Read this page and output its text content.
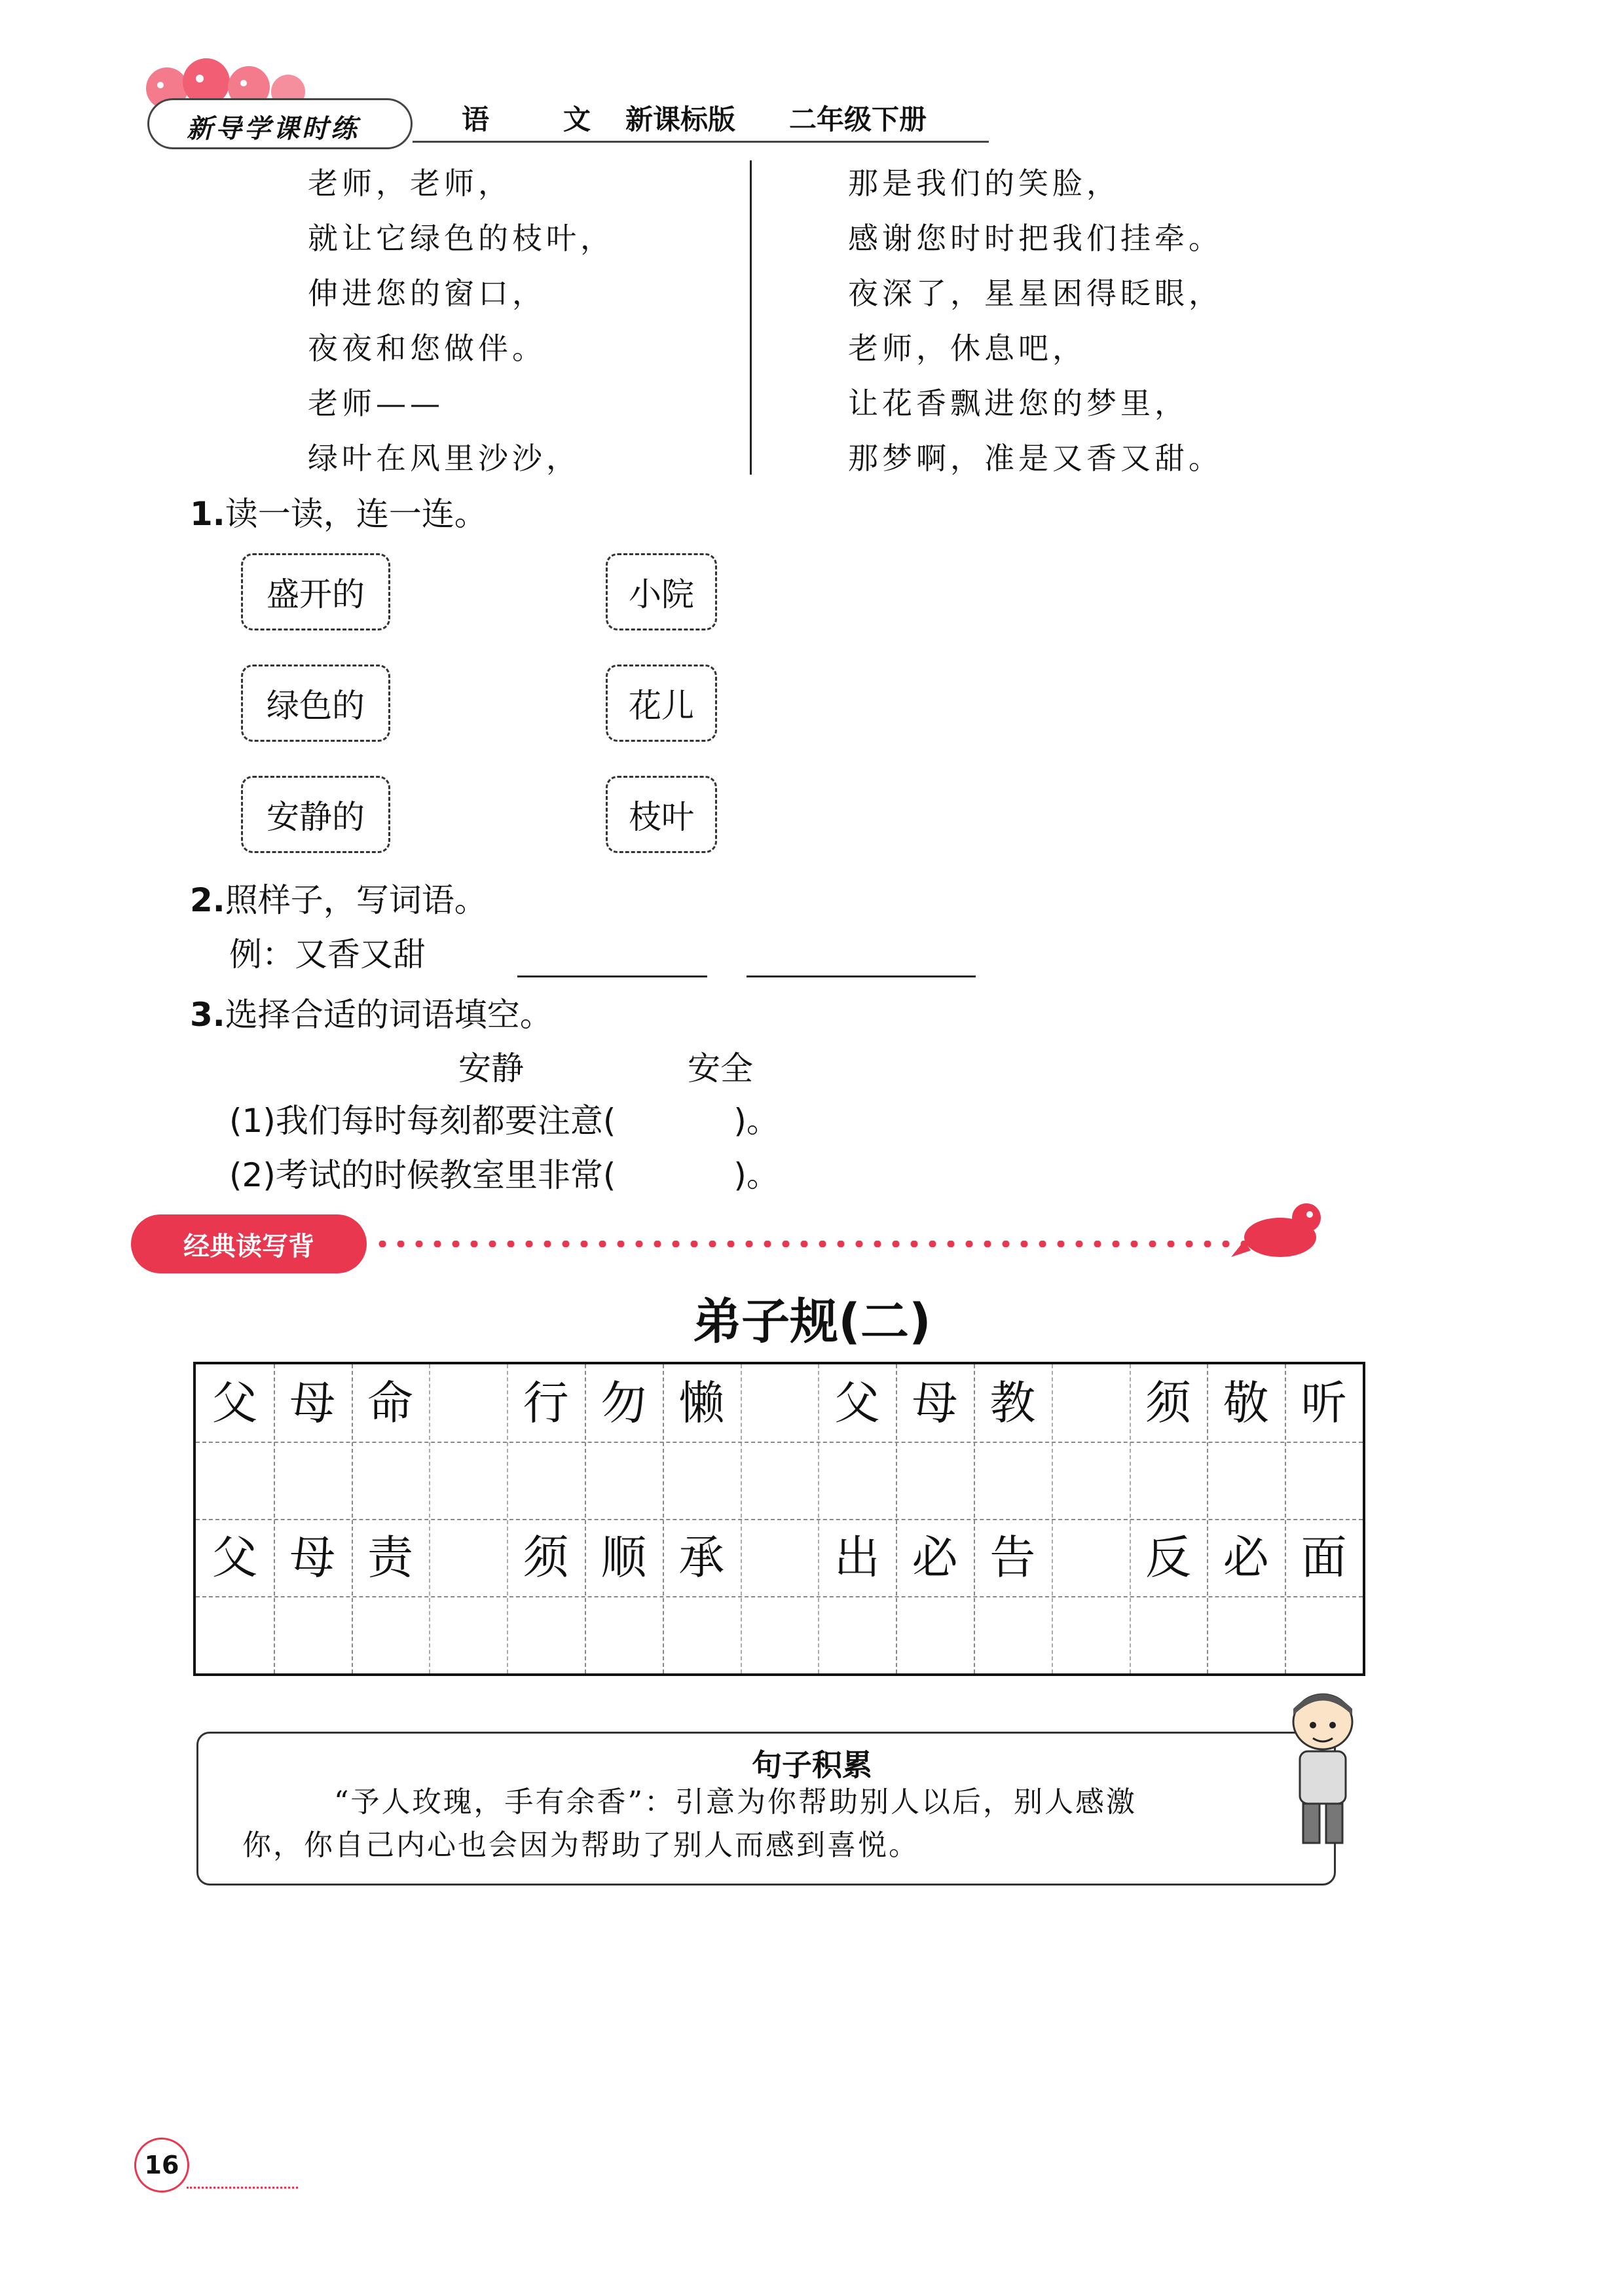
新导学课时练	语	文 新课标版 二年级下册
老师，老师，
就让它绿色的枝叶，
伸进您的窗口，
夜夜和您做伴。
老师——
绿叶在风里沙沙，
那是我们的笑脸，
感谢您时时把我们挂牵。
夜深了，星星困得眨眼，
老师，休息吧，
让花香飘进您的梦里，
那梦啊，准是又香又甜。
1.读一读，连一连。
盛开的
绿色的
安静的
小院
花儿
枝叶
2.照样子，写词语。
例：又香又甜
3.选择合适的词语填空。
安静	安全
(1)我们每时每刻都要注意(	)。
(2)考试的时候教室里非常(	)。
经典读写背
弟子规(二)
父 母 命	行 勿 懒	父 母 教	须 敬 听
父 母 责	须 顺 承	出 必 告	反 必 面
句子积累
“予人玫瑰，手有余香”：引意为你帮助别人以后，别人感激
你，你自己内心也会因为帮助了别人而感到喜悦。
16
